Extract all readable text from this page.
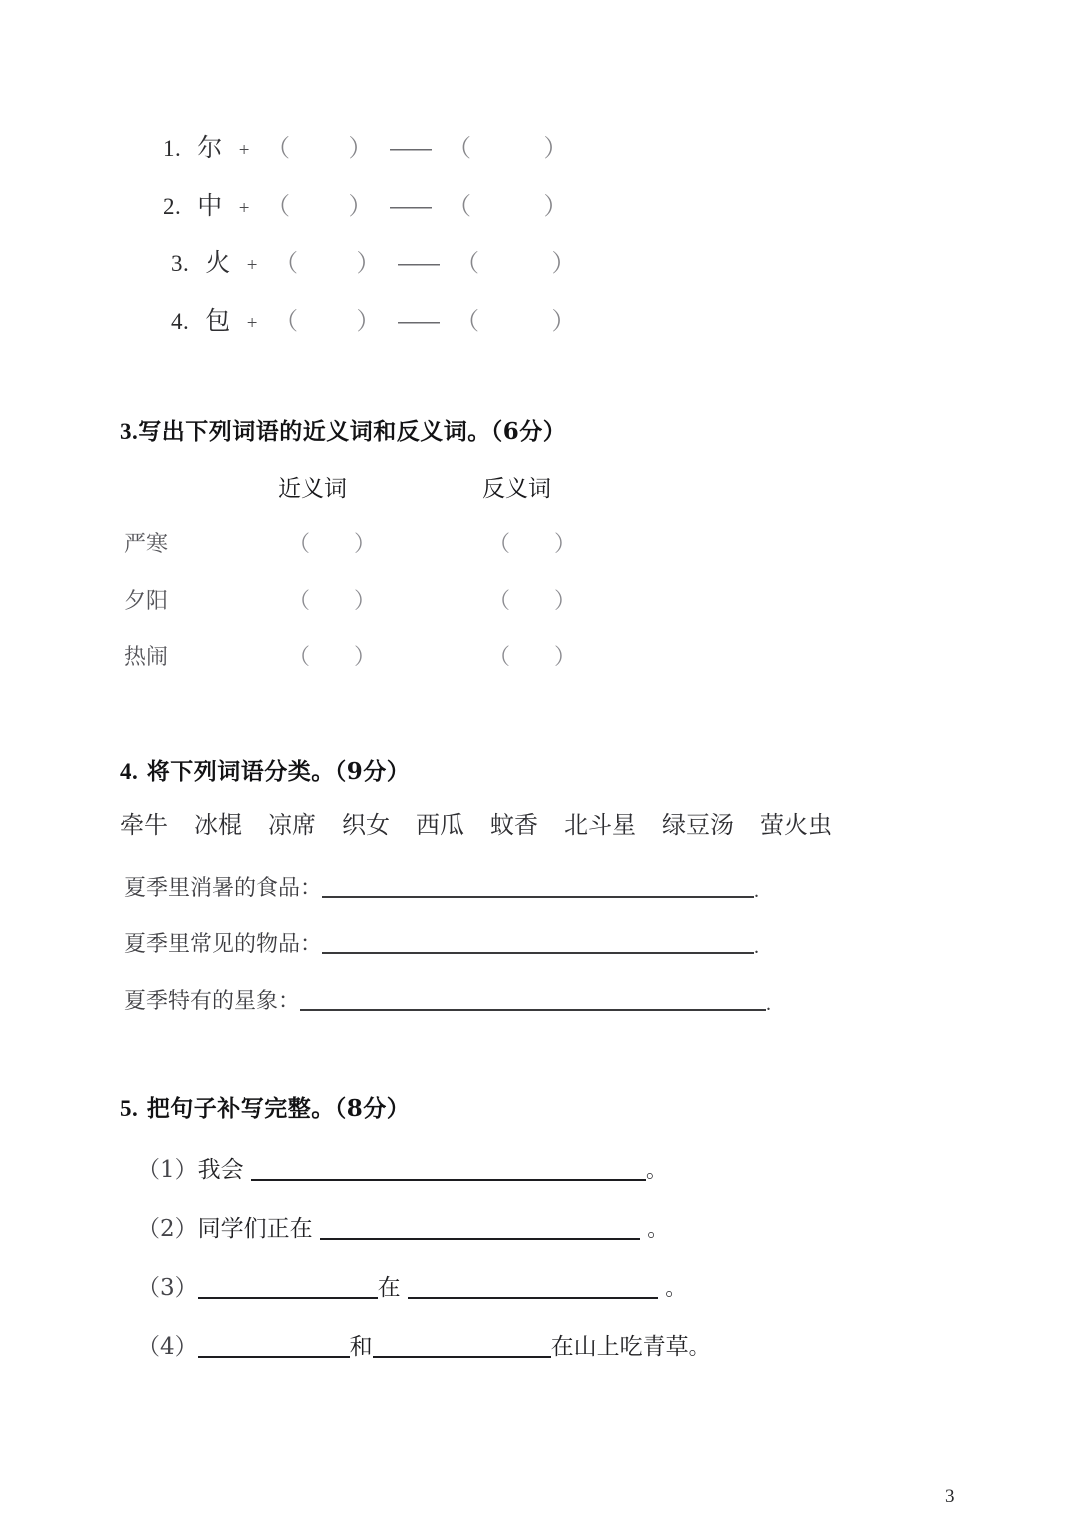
1. 尔 + （ ） —— （	）
2. 中 + （ ） —— （	）
3. 火 + （ ） —— （	）
4. 包 + （ ） —— （	）
3.写出下列词语的近义词和反义词。（6分）
近义词	反义词
严寒	（ ）	（ ）
夕阳	（ ）	（ ）
热闹	（ ）	（ ）
4. 将下列词语分类。（9分）
牵牛 冰棍 凉席 织女 西瓜 蚊香 北斗星 绿豆汤 萤火虫
夏季里消暑的食品：	.
夏季里常见的物品：	.
夏季特有的星象：	.
5. 把句子补写完整。（8分）
（1）我会	。
（2）同学们正在	。
（3）	在	。
（4）	和	在山上吃青草。
3
